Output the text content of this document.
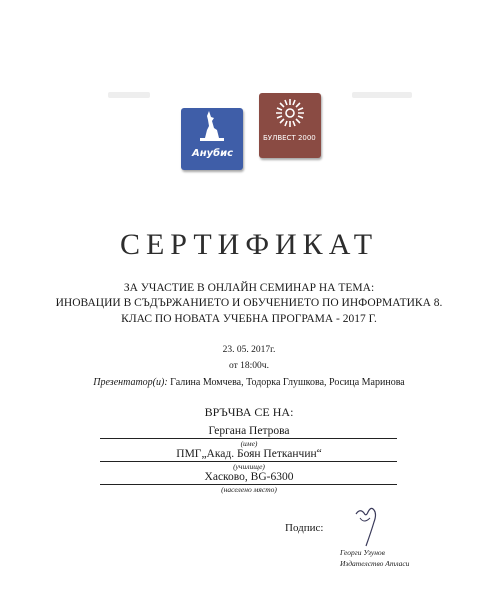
Анубис
БУЛВЕСТ 2000
СЕРТИФИКАТ
ЗА УЧАСТИЕ В ОНЛАЙН СЕМИНАР НА ТЕМА:
ИНОВАЦИИ В СЪДЪРЖАНИЕТО И ОБУЧЕНИЕТО ПО ИНФОРМАТИКА 8.
КЛАС ПО НОВАТА УЧЕБНА ПРОГРАМА - 2017 Г.
23. 05. 2017г.
от 18:00ч.
Презентатор(и): Галина Момчева, Тодорка Глушкова, Росица Маринова
ВРЪЧВА СЕ НА:
Гергана Петрова
(име)
ПМГ„Акад. Боян Петканчин“
(училище)
Хасково, BG-6300
(населено място)
Подпис:
Георги Узунов
Издателство Атласи
